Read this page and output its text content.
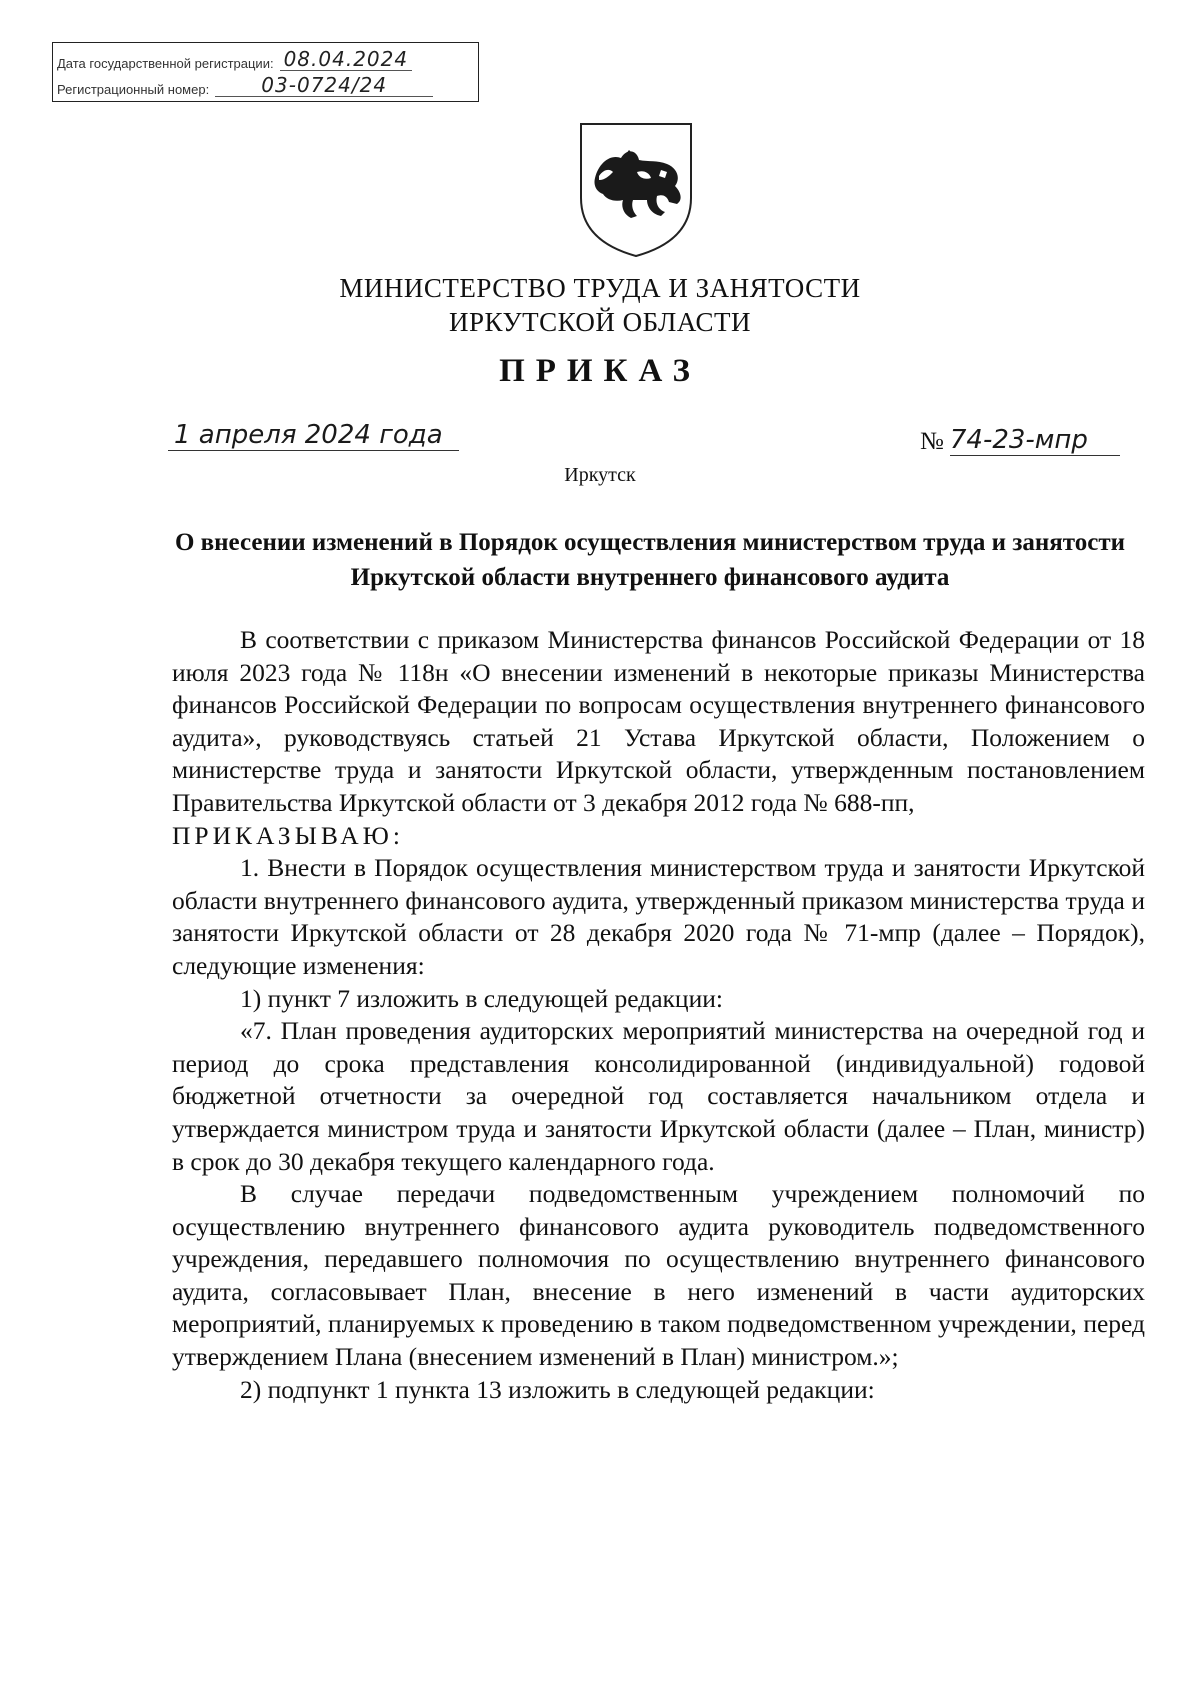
Дата государственной регистрации: 08.04.2024
Регистрационный номер:	03-0724/24
МИНИСТЕРСТВО ТРУДА И ЗАНЯТОСТИ
ИРКУТСКОЙ ОБЛАСТИ
ПРИКАЗ
1 апреля 2024 года	№ 74-23-мпр
Иркутск
О внесении изменений в Порядок осуществления министерством труда и занятости Иркутской области внутреннего финансового аудита

В соответствии с приказом Министерства финансов Российской Федерации от 18 июля 2023 года № 118н «О внесении изменений в некоторые приказы Министерства финансов Российской Федерации по вопросам осуществления внутреннего финансового аудита», руководствуясь статьей 21 Устава Иркутской области, Положением о министерстве труда и занятости Иркутской области, утвержденным постановлением Правительства Иркутской области от 3 декабря 2012 года № 688-пп,

ПРИКАЗЫВАЮ:

1. Внести в Порядок осуществления министерством труда и занятости Иркутской области внутреннего финансового аудита, утвержденный приказом министерства труда и занятости Иркутской области от 28 декабря 2020 года № 71-мпр (далее – Порядок), следующие изменения:

1) пункт 7 изложить в следующей редакции:

«7. План проведения аудиторских мероприятий министерства на очередной год и период до срока представления консолидированной (индивидуальной) годовой бюджетной отчетности за очередной год составляется начальником отдела и утверждается министром труда и занятости Иркутской области (далее – План, министр) в срок до 30 декабря текущего календарного года.

В случае передачи подведомственным учреждением полномочий по осуществлению внутреннего финансового аудита руководитель подведомственного учреждения, передавшего полномочия по осуществлению внутреннего финансового аудита, согласовывает План, внесение в него изменений в части аудиторских мероприятий, планируемых к проведению в таком подведомственном учреждении, перед утверждением Плана (внесением изменений в План) министром.»;

2) подпункт 1 пункта 13 изложить в следующей редакции:
